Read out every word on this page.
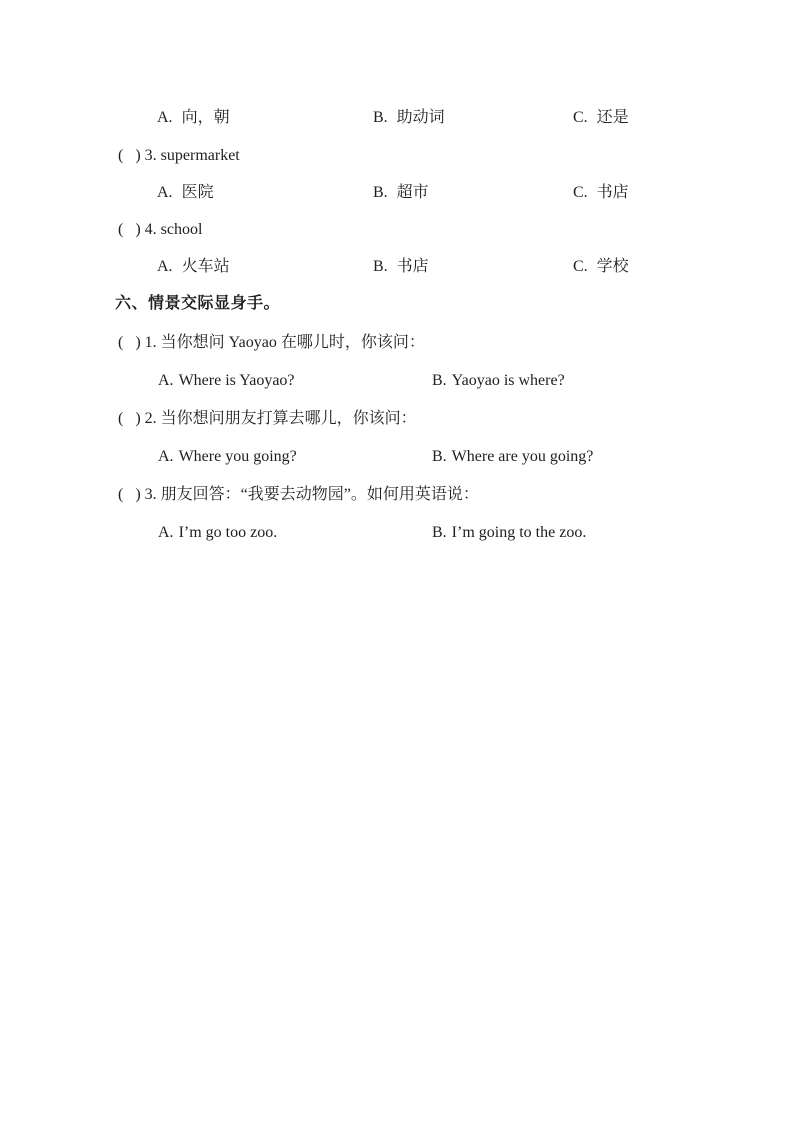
A. 向，朝	B. 助动词	C. 还是
(   ) 3. supermarket
A. 医院	B. 超市	C. 书店
(   ) 4. school
A. 火车站	B. 书店	C. 学校
六、情景交际显身手。
(   ) 1. 当你想问 Yaoyao 在哪儿时，你该问：
A. Where is Yaoyao?	B. Yaoyao is where?
(   ) 2. 当你想问朋友打算去哪儿，你该问：
A. Where you going?	B. Where are you going?
(   ) 3. 朋友回答：“我要去动物园”。如何用英语说：
A. I’m go too zoo.	B. I’m going to the zoo.
